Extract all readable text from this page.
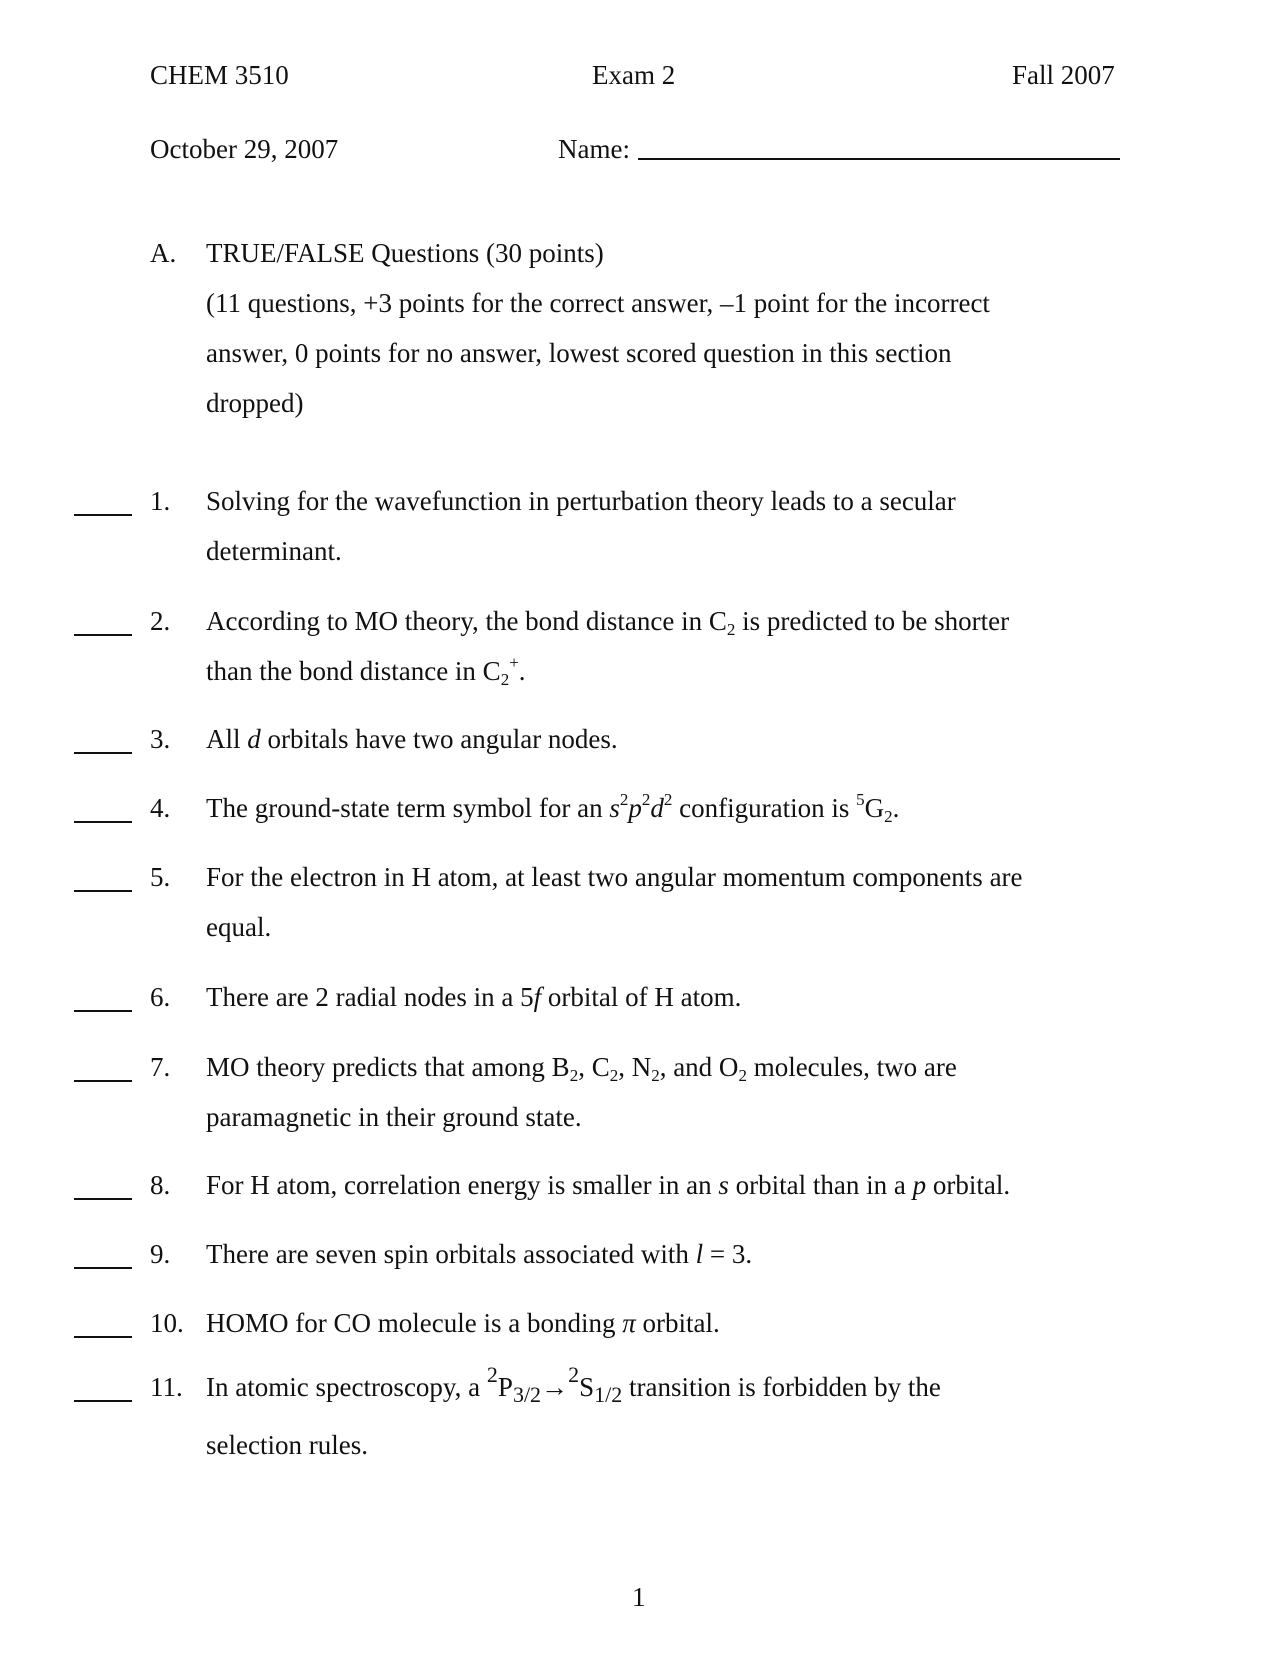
CHEM 3510	Exam 2	Fall 2007
October 29, 2007	Name:
A. TRUE/FALSE Questions (30 points)
(11 questions, +3 points for the correct answer, –1 point for the incorrect
answer, 0 points for no answer, lowest scored question in this section
dropped)
1. Solving for the wavefunction in perturbation theory leads to a secular
determinant.
2. According to MO theory, the bond distance in $C_2$ is predicted to be shorter
than the bond distance in $C_2^+$.
3. All d orbitals have two angular nodes.
4. The ground-state term symbol for an $s^2p^2d^2$ configuration is $^5G_2$.
5. For the electron in H atom, at least two angular momentum components are
equal.
6. There are 2 radial nodes in a 5f orbital of H atom.
7. MO theory predicts that among $B_2$, $C_2$, $N_2$, and $O_2$ molecules, two are
paramagnetic in their ground state.
8. For H atom, correlation energy is smaller in an s orbital than in a p orbital.
9. There are seven spin orbitals associated with l = 3.
10. HOMO for CO molecule is a bonding π orbital.
11. In atomic spectroscopy, a $^2P_{3/2}\to^2S_{1/2}$ transition is forbidden by the
selection rules.
1
